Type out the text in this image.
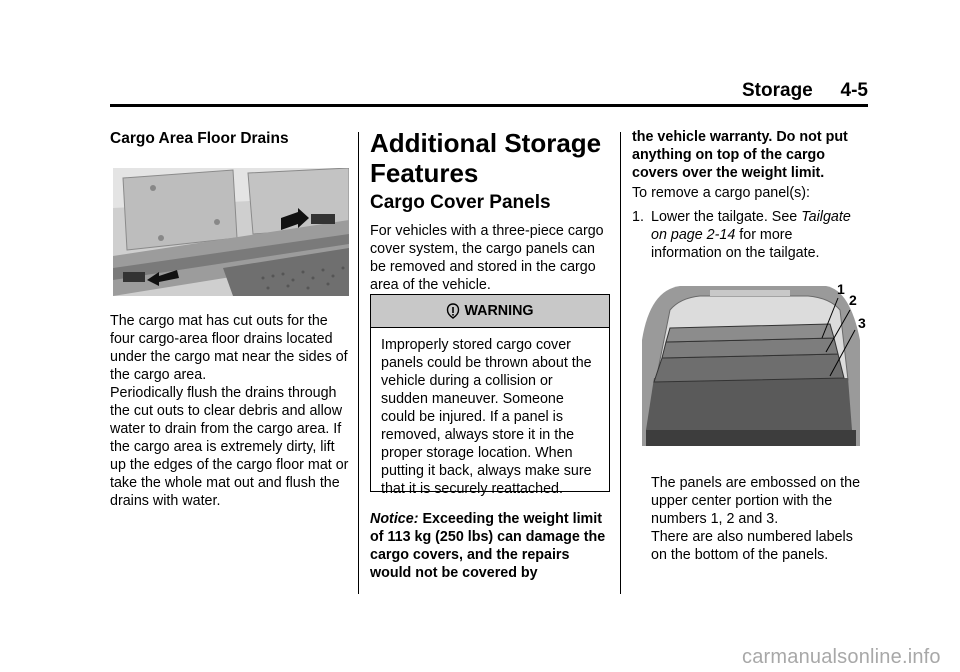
Storage 4-5
Cargo Area Floor Drains

The cargo mat has cut outs for the four cargo-area floor drains located under the cargo mat near the sides of the cargo area.

Periodically flush the drains through the cut outs to clear debris and allow water to drain from the cargo area. If the cargo area is extremely dirty, lift up the edges of the cargo floor mat or take the whole mat out and flush the drains with water.

Additional Storage
Features
Cargo Cover Panels

For vehicles with a three-piece cargo cover system, the cargo panels can be removed and stored in the cargo area of the vehicle.

WARNING
Improperly stored cargo cover panels could be thrown about the vehicle during a collision or sudden maneuver. Someone could be injured. If a panel is removed, always store it in the proper storage location. When putting it back, always make sure that it is securely reattached.

Notice: Exceeding the weight limit of 113 kg (250 lbs) can damage the cargo covers, and the repairs would not be covered by

the vehicle warranty. Do not put anything on top of the cargo covers over the weight limit.

To remove a cargo panel(s):

1. Lower the tailgate. See Tailgate on page 2-14 for more information on the tailgate.

1
2
3

The panels are embossed on the upper center portion with the numbers 1, 2 and 3.

There are also numbered labels on the bottom of the panels.

carmanualsonline.info
